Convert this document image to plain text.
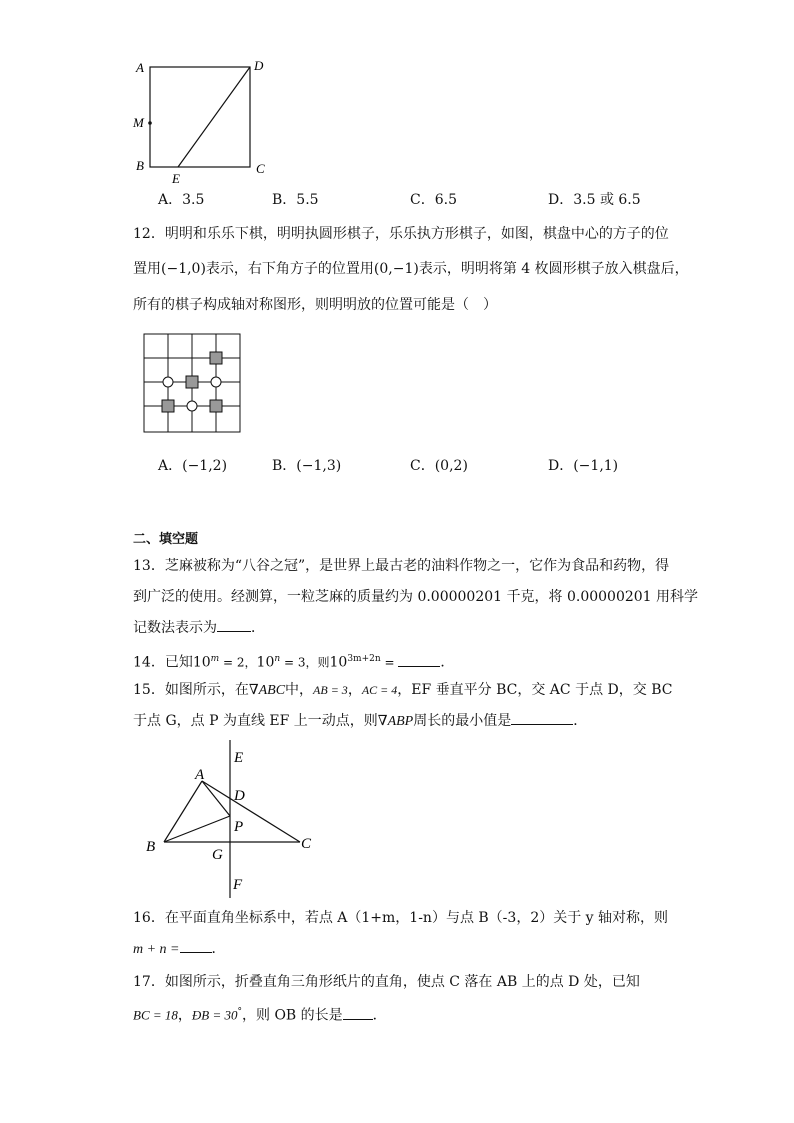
A	D
M
B	C
E
A．3.5	B．5.5	C．6.5	D．3.5 或 6.5
12．明明和乐乐下棋，明明执圆形棋子，乐乐执方形棋子，如图，棋盘中心的方子的位
置用(−1,0)表示，右下角方子的位置用(0,−1)表示，明明将第 4 枚圆形棋子放入棋盘后，
所有的棋子构成轴对称图形，则明明放的位置可能是（　）
A．(−1,2)	B．(−1,3)	C．(0,2)	D．(−1,1)
二、填空题
13．芝麻被称为“八谷之冠”，是世界上最古老的油料作物之一，它作为食品和药物，得
到广泛的使用。经测算，一粒芝麻的质量约为 0.00000201 千克，将 0.00000201 用科学
记数法表示为 ．
14．已知$10^m = 2$，$10^n = 3$，则$10^{3m+2n}$ =	．
15．如图所示，在∇ABC中，AB = 3，AC = 4，EF 垂直平分 BC，交 AC 于点 D，交 BC
于点 G，点 P 为直线 EF 上一动点，则∇ABP周长的最小值是	．
A
E
D
P
B	G
C
F
16．在平面直角坐标系中，若点 A（1+m，1-n）与点 B（-3，2）关于 y 轴对称，则
m + n = ．
17．如图所示，折叠直角三角形纸片的直角，使点 C 落在 AB 上的点 D 处，已知
BC = 18，ÐB = 30°，则 OB 的长是 ．
